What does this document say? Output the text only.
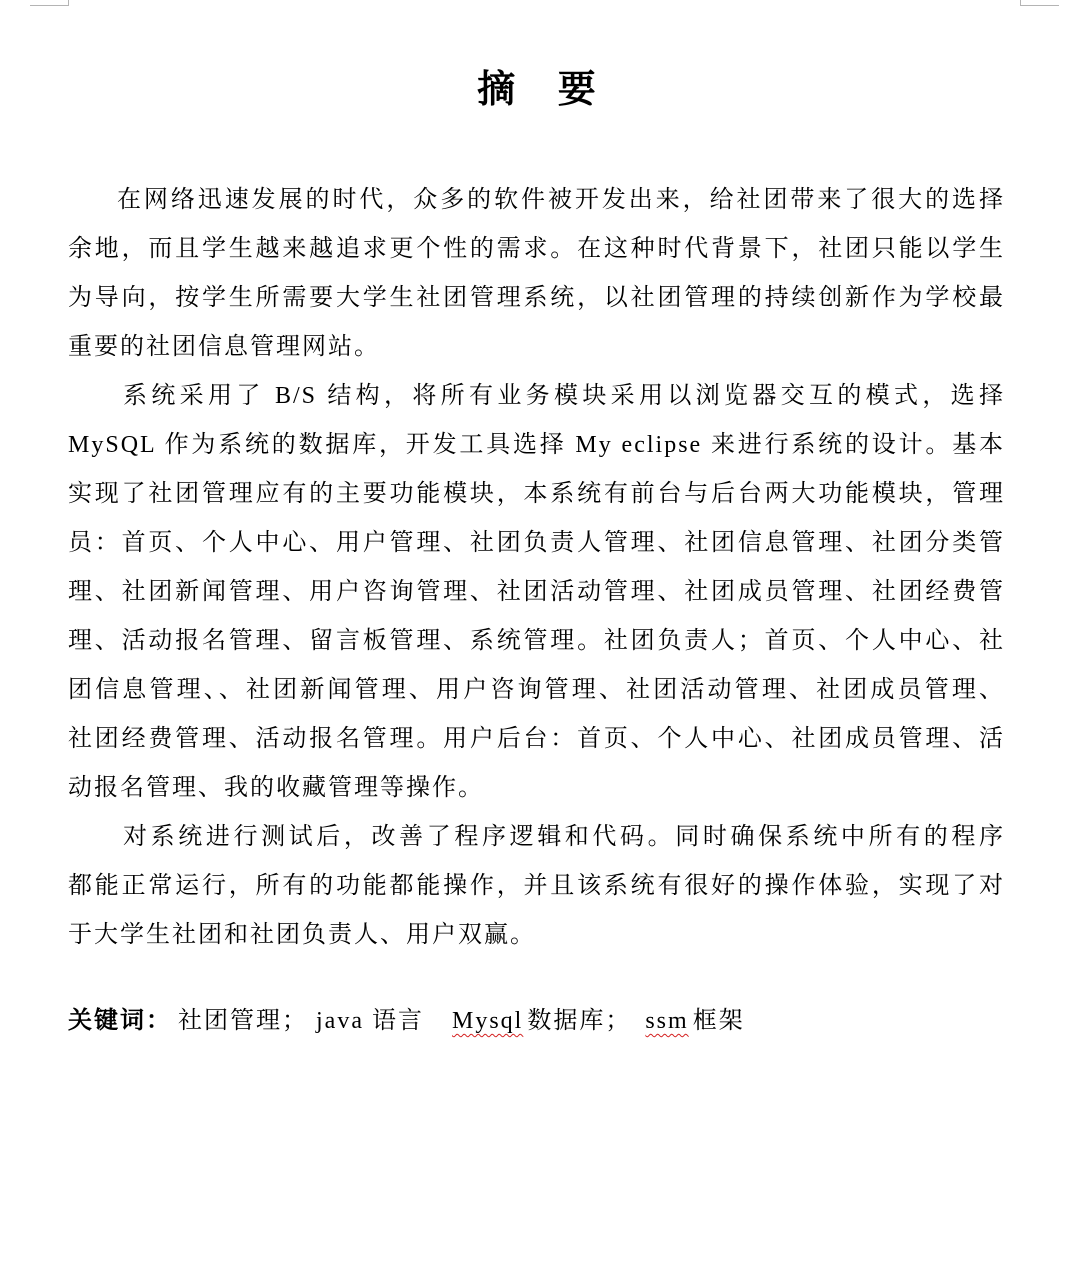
摘 要
在网络迅速发展的时代，众多的软件被开发出来，给社团带来了很大的选择
余地，而且学生越来越追求更个性的需求。在这种时代背景下，社团只能以学生
为导向，按学生所需要大学生社团管理系统，以社团管理的持续创新作为学校最
重要的社团信息管理网站。
系统采用了 B/S 结构，将所有业务模块采用以浏览器交互的模式，选择
MySQL 作为系统的数据库，开发工具选择 My eclipse 来进行系统的设计。基本
实现了社团管理应有的主要功能模块，本系统有前台与后台两大功能模块，管理
员：首页、个人中心、用户管理、社团负责人管理、社团信息管理、社团分类管
理、社团新闻管理、用户咨询管理、社团活动管理、社团成员管理、社团经费管
理、活动报名管理、留言板管理、系统管理。社团负责人；首页、个人中心、社
团信息管理、、社团新闻管理、用户咨询管理、社团活动管理、社团成员管理、
社团经费管理、活动报名管理。用户后台：首页、个人中心、社团成员管理、活
动报名管理、我的收藏管理等操作。
对系统进行测试后，改善了程序逻辑和代码。同时确保系统中所有的程序
都能正常运行，所有的功能都能操作，并且该系统有很好的操作体验，实现了对
于大学生社团和社团负责人、用户双赢。
关键词： 社团管理； java 语言 Mysql 数据库； ssm 框架
